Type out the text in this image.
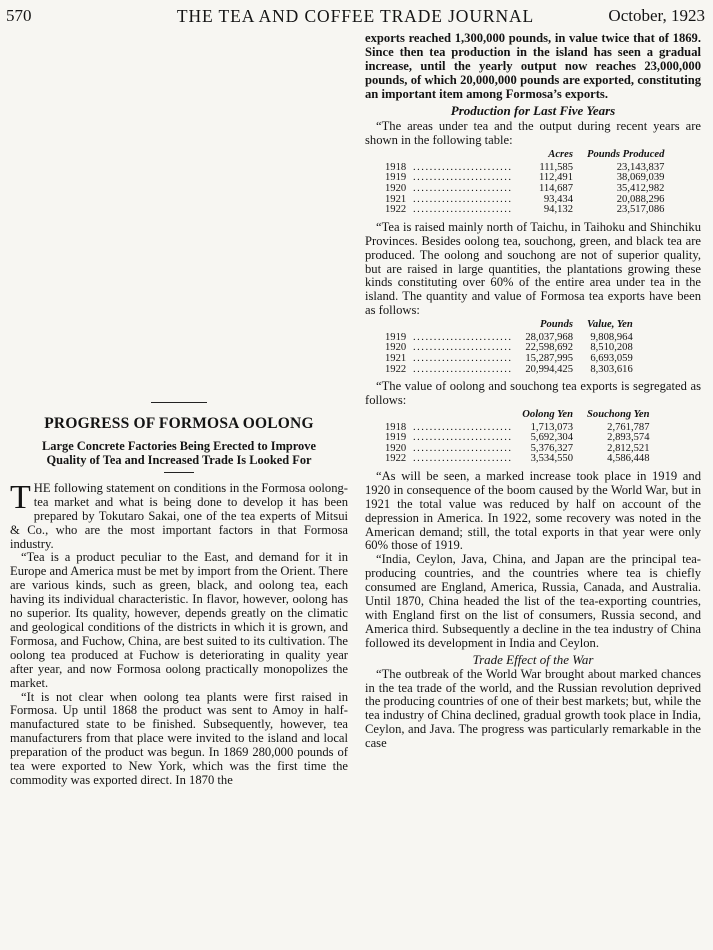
570	THE TEA AND COFFEE TRADE JOURNAL	October, 1923
PROGRESS OF FORMOSA OOLONG
Large Concrete Factories Being Erected to Improve Quality of Tea and Increased Trade Is Looked For

THE following statement on conditions in the Formosa oolong-tea market and what is being done to develop it has been prepared by Tokutaro Sakai, one of the tea experts of Mitsui & Co., who are the most important factors in that Formosa industry.

“Tea is a product peculiar to the East, and demand for it in Europe and America must be met by import from the Orient. There are various kinds, such as green, black, and oolong tea, each having its individual characteristic. In flavor, however, oolong has no superior. Its quality, however, depends greatly on the climatic and geological conditions of the districts in which it is grown, and Formosa, and Fuchow, China, are best suited to its cultivation. The oolong tea produced at Fuchow is deteriorating in quality year after year, and now Formosa oolong practically monopolizes the market.

“It is not clear when oolong tea plants were first raised in Formosa. Up until 1868 the product was sent to Amoy in half-manufactured state to be finished. Subsequently, however, tea manufacturers from that place were invited to the island and local preparation of the product was begun. In 1869 280,000 pounds of tea were exported to New York, which was the first time the commodity was exported direct. In 1870 the

exports reached 1,300,000 pounds, in value twice that of 1869. Since then tea production in the island has seen a gradual increase, until the yearly output now reaches 23,000,000 pounds, of which 20,000,000 pounds are exported, constituting an important item among Formosa’s exports.

Production for Last Five Years

“The areas under tea and the output during recent years are shown in the following table:

		Acres	Pounds Produced
1918	........................	111,585	23,143,837
1919	........................	112,491	38,069,039
1920	........................	114,687	35,412,982
1921	........................	93,434	20,088,296
1922	........................	94,132	23,517,086

“Tea is raised mainly north of Taichu, in Taihoku and Shinchiku Provinces. Besides oolong tea, souchong, green, and black tea are produced. The oolong and souchong are not of superior quality, but are raised in large quantities, the plantations growing these kinds constituting over 60% of the entire area under tea in the island. The quantity and value of Formosa tea exports have been as follows:

		Pounds	Value, Yen
1919	........................	28,037,968	9,808,964
1920	........................	22,598,692	8,510,208
1921	........................	15,287,995	6,693,059
1922	........................	20,994,425	8,303,616

“The value of oolong and souchong tea exports is segregated as follows:

		Oolong Yen	Souchong Yen
1918	........................	1,713,073	2,761,787
1919	........................	5,692,304	2,893,574
1920	........................	5,376,327	2,812,521
1922	........................	3,534,550	4,586,448

“As will be seen, a marked increase took place in 1919 and 1920 in consequence of the boom caused by the World War, but in 1921 the total value was reduced by half on account of the depression in America. In 1922, some recovery was noted in the American demand; still, the total exports in that year were only 60% those of 1919.

“India, Ceylon, Java, China, and Japan are the principal tea-producing countries, and the countries where tea is chiefly consumed are England, America, Russia, Canada, and Australia. Until 1870, China headed the list of the tea-exporting countries, with England first on the list of consumers, Russia second, and America third. Subsequently a decline in the tea industry of China followed its development in India and Ceylon.

Trade Effect of the War

“The outbreak of the World War brought about marked chances in the tea trade of the world, and the Russian revolution deprived the producing countries of one of their best markets; but, while the tea industry of China declined, gradual growth took place in India, Ceylon, and Java. The progress was particularly remarkable in the case
